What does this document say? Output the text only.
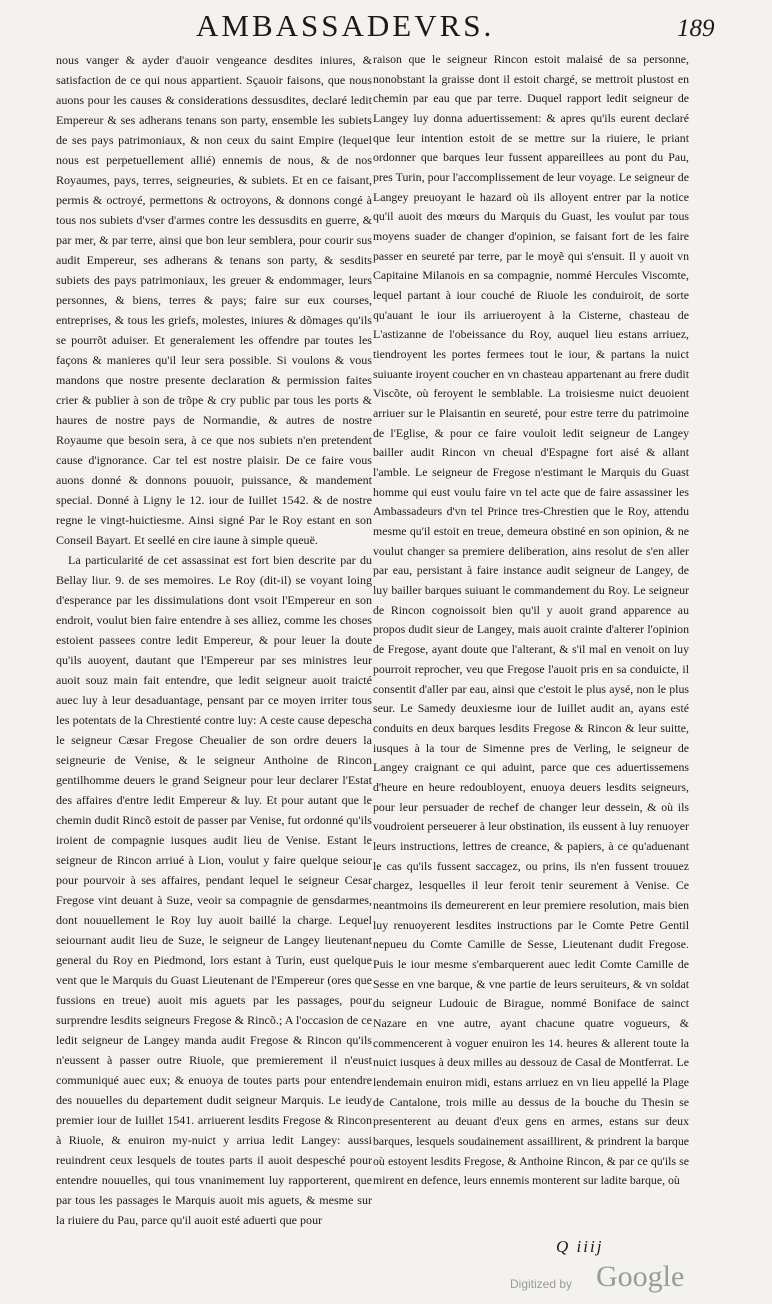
AMBASSADEVRS.	189

nous vanger & ayder d'auoir vengeance desdites iniures, & satisfaction de ce qui nous appartient. Sçauoir faisons, que nous auons pour les causes & considerations dessusdites, declaré ledit Empereur & ses adherans tenans son party, ensemble les subiets de ses pays patrimoniaux, & non ceux du saint Empire (lequel nous est perpetuellement allié) ennemis de nous, & de nos Royaumes, pays, terres, seigneuries, & subiets. Et en ce faisant, permis & octroyé, permettons & octroyons, & donnons congé à tous nos subiets d'vser d'armes contre les dessusdits en guerre, & par mer, & par terre, ainsi que bon leur semblera, pour courir sus audit Empereur, ses adherans & tenans son party, & sesdits subiets des pays patrimoniaux, les greuer & endommager, leurs personnes, & biens, terres & pays; faire sur eux courses, entreprises, & tous les griefs, molestes, iniures & dõmages qu'ils se pourrõt aduiser. Et generalement les offendre par toutes les façons & manieres qu'il leur sera possible. Si voulons & vous mandons que nostre presente declaration & permission faites crier & publier à son de trõpe & cry public par tous les ports & haures de nostre pays de Normandie, & autres de nostre Royaume que besoin sera, à ce que nos subiets n'en pretendent cause d'ignorance. Car tel est nostre plaisir. De ce faire vous auons donné & donnons pouuoir, puissance, & mandement special. Donné à Ligny le 12. iour de Iuillet 1542. & de nostre regne le vingt-huictiesme. Ainsi signé Par le Roy estant en son Conseil Bayart. Et seellé en cire iaune à simple queuë.

La particularité de cet assassinat est fort bien descrite par du Bellay liur. 9. de ses memoires. Le Roy (dit-il) se voyant loing d'esperance par les dissimulations dont vsoit l'Empereur en son endroit, voulut bien faire entendre à ses alliez, comme les choses estoient passees contre ledit Empereur, & pour leuer la doute qu'ils auoyent, dautant que l'Empereur par ses ministres leur auoit souz main fait entendre, que ledit seigneur auoit traicté auec luy à leur desaduantage, pensant par ce moyen irriter tous les potentats de la Chrestienté contre luy: A ceste cause depescha le seigneur Cæsar Fregose Cheualier de son ordre deuers la seigneurie de Venise, & le seigneur Anthoine de Rincon gentilhomme deuers le grand Seigneur pour leur declarer l'Estat des affaires d'entre ledit Empereur & luy. Et pour autant que le chemin dudit Rincõ estoit de passer par Venise, fut ordonné qu'ils iroient de compagnie iusques audit lieu de Venise. Estant le seigneur de Rincon arriué à Lion, voulut y faire quelque seiour pour pourvoir à ses affaires, pendant lequel le seigneur Cesar Fregose vint deuant à Suze, veoir sa compagnie de gensdarmes, dont nouuellement le Roy luy auoit baillé la charge. Lequel seiournant audit lieu de Suze, le seigneur de Langey lieutenant general du Roy en Piedmond, lors estant à Turin, eust quelque vent que le Marquis du Guast Lieutenant de l'Empereur (ores que fussions en treue) auoit mis aguets par les passages, pour surprendre lesdits seigneurs Fregose & Rincõ.; A l'occasion de ce ledit seigneur de Langey manda audit Fregose & Rincon qu'ils n'eussent à passer outre Riuole, que premierement il n'eust communiqué auec eux; & enuoya de toutes parts pour entendre des nouuelles du departement dudit seigneur Marquis. Le ieudy premier iour de Iuillet 1541. arriuerent lesdits Fregose & Rincon à Riuole, & enuiron my-nuict y arriua ledit Langey: aussi reuindrent ceux lesquels de toutes parts il auoit despesché pour entendre nouuelles, qui tous vnanimement luy rapporterent, que par tous les passages le Marquis auoit mis aguets, & mesme sur la riuiere du Pau, parce qu'il auoit esté aduerti que pour

raison que le seigneur Rincon estoit malaisé de sa personne, nonobstant la graisse dont il estoit chargé, se mettroit plustost en chemin par eau que par terre. Duquel rapport ledit seigneur de Langey luy donna aduertissement: & apres qu'ils eurent declaré que leur intention estoit de se mettre sur la riuiere, le priant ordonner que barques leur fussent appareillees au pont du Pau, pres Turin, pour l'accomplissement de leur voyage. Le seigneur de Langey preuoyant le hazard où ils alloyent entrer par la notice qu'il auoit des mœurs du Marquis du Guast, les voulut par tous moyens suader de changer d'opinion, se faisant fort de les faire passer en seureté par terre, par le moyẽ qui s'ensuit. Il y auoit vn Capitaine Milanois en sa compagnie, nommé Hercules Viscomte, lequel partant à iour couché de Riuole les conduiroit, de sorte qu'auant le iour ils arriueroyent à la Cisterne, chasteau de L'astizanne de l'obeissance du Roy, auquel lieu estans arriuez, tiendroyent les portes fermees tout le iour, & partans la nuict suiuante iroyent coucher en vn chasteau appartenant au frere dudit Viscõte, où feroyent le semblable. La troisiesme nuict deuoient arriuer sur le Plaisantin en seureté, pour estre terre du patrimoine de l'Eglise, & pour ce faire vouloit ledit seigneur de Langey bailler audit Rincon vn cheual d'Espagne fort aisé & allant l'amble. Le seigneur de Fregose n'estimant le Marquis du Guast homme qui eust voulu faire vn tel acte que de faire assassiner les Ambassadeurs d'vn tel Prince tres-Chrestien que le Roy, attendu mesme qu'il estoit en treue, demeura obstiné en son opinion, & ne voulut changer sa premiere deliberation, ains resolut de s'en aller par eau, persistant à faire instance audit seigneur de Langey, de luy bailler barques suiuant le commandement du Roy. Le seigneur de Rincon cognoissoit bien qu'il y auoit grand apparence au propos dudit sieur de Langey, mais auoit crainte d'alterer l'opinion de Fregose, ayant doute que l'alterant, & s'il mal en venoit on luy pourroit reprocher, veu que Fregose l'auoit pris en sa conduicte, il consentit d'aller par eau, ainsi que c'estoit le plus aysé, non le plus seur. Le Samedy deuxiesme iour de Iuillet audit an, ayans esté conduits en deux barques lesdits Fregose & Rincon & leur suitte, iusques à la tour de Simenne pres de Verling, le seigneur de Langey craignant ce qui aduint, parce que ces aduertissemens d'heure en heure redoubloyent, enuoya deuers lesdits seigneurs, pour leur persuader de rechef de changer leur dessein, & où ils voudroient perseuerer à leur obstination, ils eussent à luy renuoyer leurs instructions, lettres de creance, & papiers, à ce qu'aduenant le cas qu'ils fussent saccagez, ou prins, ils n'en fussent trouuez chargez, lesquelles il leur feroit tenir seurement à Venise. Ce neantmoins ils demeurerent en leur premiere resolution, mais bien luy renuoyerent lesdites instructions par le Comte Petre Gentil nepueu du Comte Camille de Sesse, Lieutenant dudit Fregose. Puis le iour mesme s'embarquerent auec ledit Comte Camille de Sesse en vne barque, & vne partie de leurs seruiteurs, & vn soldat du seigneur Ludouic de Birague, nommé Boniface de sainct Nazare en vne autre, ayant chacune quatre vogueurs, & commencerent à voguer enuiron les 14. heures & allerent toute la nuict iusques à deux milles au dessouz de Casal de Montferrat. Le lendemain enuiron midi, estans arriuez en vn lieu appellé la Plage de Cantalone, trois mille au dessus de la bouche du Thesin se presenterent au deuant d'eux gens en armes, estans sur deux barques, lesquels soudainement assaillirent, & prindrent la barque où estoyent lesdits Fregose, & Anthoine Rincon, & par ce qu'ils se mirent en defence, leurs ennemis monterent sur ladite barque, où

Q iiij
Digitized by Google
